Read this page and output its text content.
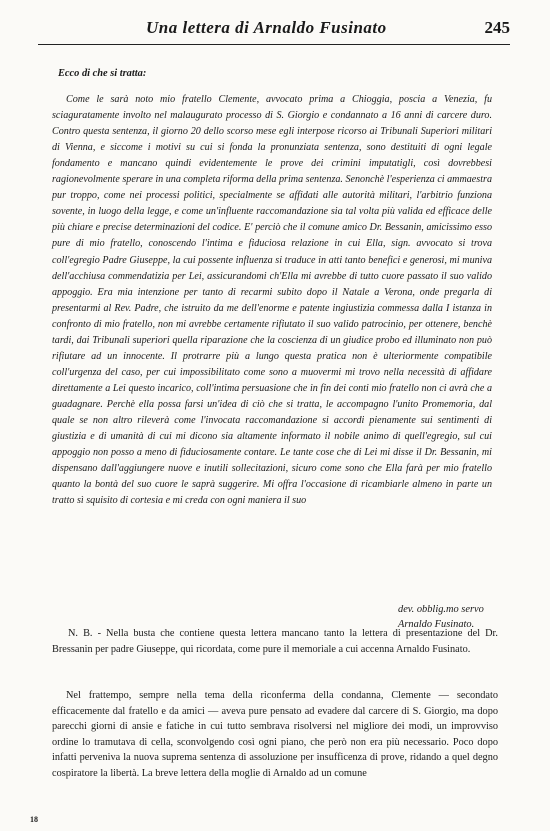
Una lettera di Arnaldo Fusinato	245

Ecco di che si tratta:

Come le sarà noto mio fratello Clemente, avvocato prima a Chioggia, poscia a Venezia, fu sciaguratamente involto nel malaugurato processo di S. Giorgio e condannato a 16 anni di carcere duro. Contro questa sentenza, il giorno 20 dello scorso mese egli interpose ricorso ai Tribunali Superiori militari di Vienna, e siccome i motivi su cui si fonda la pronunziata sentenza, sono destituiti di ogni legale fondamento e mancano quindi evidentemente le prove dei crimini imputatigli, così dovrebbesi ragionevolmente sperare in una completa riforma della prima sentenza. Senonchè l'esperienza ci ammaestra pur troppo, come nei processi politici, specialmente se affidati alle autorità militari, l'arbitrio funziona sovente, in luogo della legge, e come un'influente raccomandazione sia tal volta più valida ed efficace delle più chiare e precise determinazioni del codice. E' perciò che il comune amico Dr. Bessanin, amicissimo esso pure di mio fratello, conoscendo l'intima e fiduciosa relazione in cui Ella, sign. avvocato si trova coll'egregio Padre Giuseppe, la cui possente influenza si traduce in atti tanto benefici e generosi, mi munivа dell'acchiusa commendatizia per Lei, assicurandomi ch'Ella mi avrebbe di tutto cuore passato il suo valido appoggio. Era mia intenzione per tanto di recarmi subito dopo il Natale a Verona, onde pregarla di presentarmi al Rev. Padre, che istruito da me dell'enorme e patente ingiustizia commessa dalla I istanza in confronto di mio fratello, non mi avrebbe certamente rifiutato il suo valido patrocinio, per ottenere, benchè tardi, dai Tribunali superiori quella riparazione che la coscienza di un giudice probo ed illuminato non può rifiutare ad un innocente. Il protrarre più a lungo questa pratica non è ulteriormente compatibile coll'urgenza del caso, per cui impossibilitato come sono a muovermi mi trovo nella necessità di affidare direttamente a Lei questo incarico, coll'intima persuasione che in fin dei conti mio fratello non ci avrà che a guadagnare. Perchè ella possa farsi un'idea di ciò che si tratta, le accompagno l'unito Promemoria, dal quale se non altro rileverà come l'invocata raccomandazione si accordi pienamente sui sentimenti di giustizia e di umanità di cui mi dicono sia altamente informato il nobile animo di quell'egregio, sul cui appoggio non posso a meno di fiduciosamente contare. Le tante cose che di Lei mi disse il Dr. Bessanin, mi dispensano dall'aggiungere nuove e inutili sollecitazioni, sicuro come sono che Ella farà per mio fratello quanto la bontà del suo cuore le saprà suggerire. Mi offra l'occasione di ricambiarle almeno in parte un tratto sì squisito di cortesia e mi creda con ogni maniera il suo

dev. obblig.mo servo
Arnaldo Fusinato.

N. B. - Nella busta che contiene questa lettera mancano tanto la lettera di presentazione del Dr. Bressanin per padre Giuseppe, qui ricordata, come pure il memoriale a cui accenna Arnaldo Fusinato.

Nel frattempo, sempre nella tema della riconferma della condanna, Clemente — secondato efficacemente dal fratello e da amici — aveva pure pensato ad evadere dal carcere di S. Giorgio, ma dopo parecchi giorni di ansie e fatiche in cui tutto sembrava risolversi nel migliore dei modi, un improvviso ordine lo tramutava di cella, sconvolgendo così ogni piano, che però non era più necessario. Poco dopo infatti perveniva la nuova suprema sentenza di assoluzione per insufficenza di prove, ridando a quel degno cospiratore la libertà. La breve lettera della moglie di Arnaldo ad un comune

18
